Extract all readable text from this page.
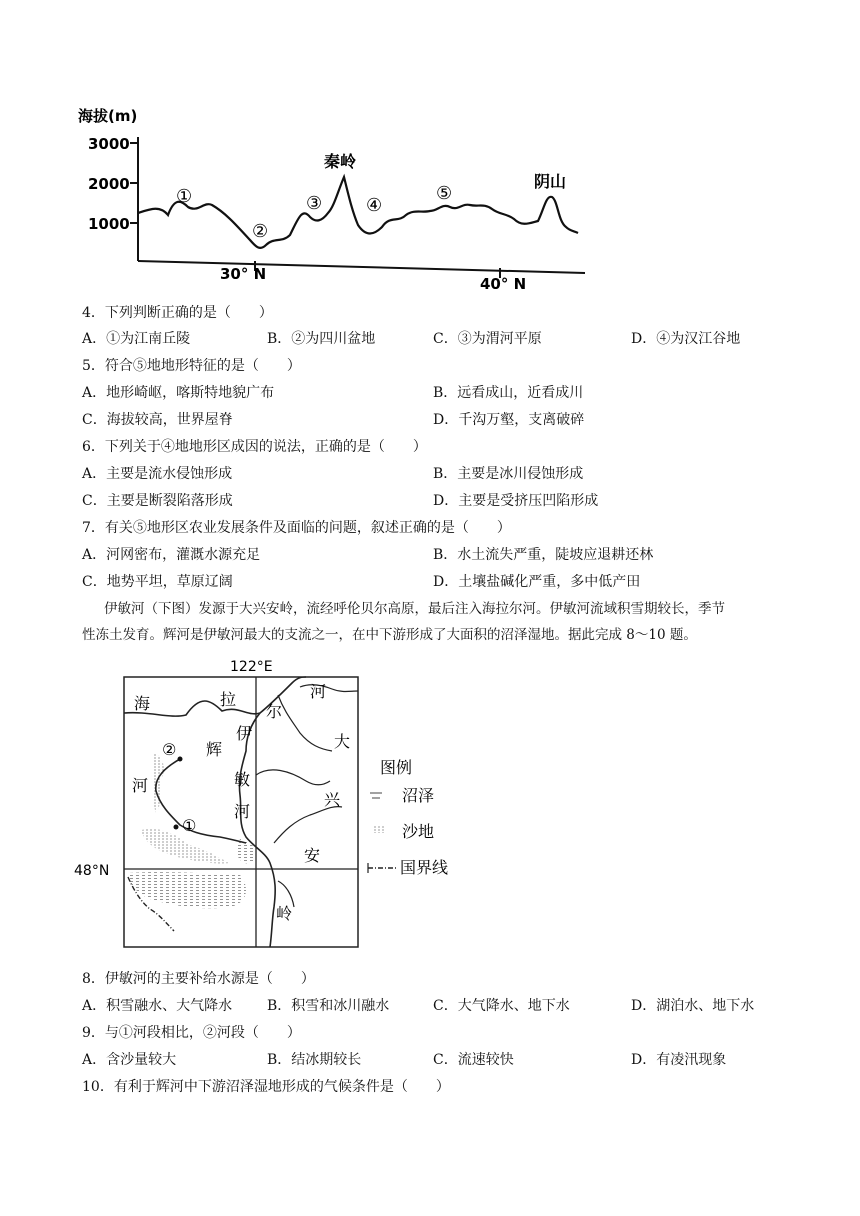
海拔(m)
3000
2000
1000
30° N
40° N
秦岭
阴山
①
②
③ ④
⑤
4．下列判断正确的是（　　）
A．①为江南丘陵	B．②为四川盆地	C．③为渭河平原	D．④为汉江谷地
5．符合⑤地地形特征的是（　　）
A．地形崎岖，喀斯特地貌广布	B．远看成山，近看成川
C．海拔较高，世界屋脊	D．千沟万壑，支离破碎
6．下列关于④地地形区成因的说法，正确的是（　　）
A．主要是流水侵蚀形成	B．主要是冰川侵蚀形成
C．主要是断裂陷落形成	D．主要是受挤压凹陷形成
7．有关⑤地形区农业发展条件及面临的问题，叙述正确的是（　　）
A．河网密布，灌溉水源充足	B．水土流失严重，陡坡应退耕还林
C．地势平坦，草原辽阔	D．土壤盐碱化严重，多中低产田
伊敏河（下图）发源于大兴安岭，流经呼伦贝尔高原，最后注入海拉尔河。伊敏河流域积雪期较长，季节
性冻土发育。辉河是伊敏河最大的支流之一，在中下游形成了大面积的沼泽湿地。据此完成 8～10 题。
122°E
48°N
海	拉
尔
河
大
兴
安
岭
辉
河
伊
敏
河
②
①
图例
沼泽
沙地
国界线
8．伊敏河的主要补给水源是（　　）
A．积雪融水、大气降水 B．积雪和冰川融水	C．大气降水、地下水	D．湖泊水、地下水
9．与①河段相比，②河段（　　）
A．含沙量较大	B．结冰期较长	C．流速较快	D．有凌汛现象
10．有利于辉河中下游沼泽湿地形成的气候条件是（　　）
